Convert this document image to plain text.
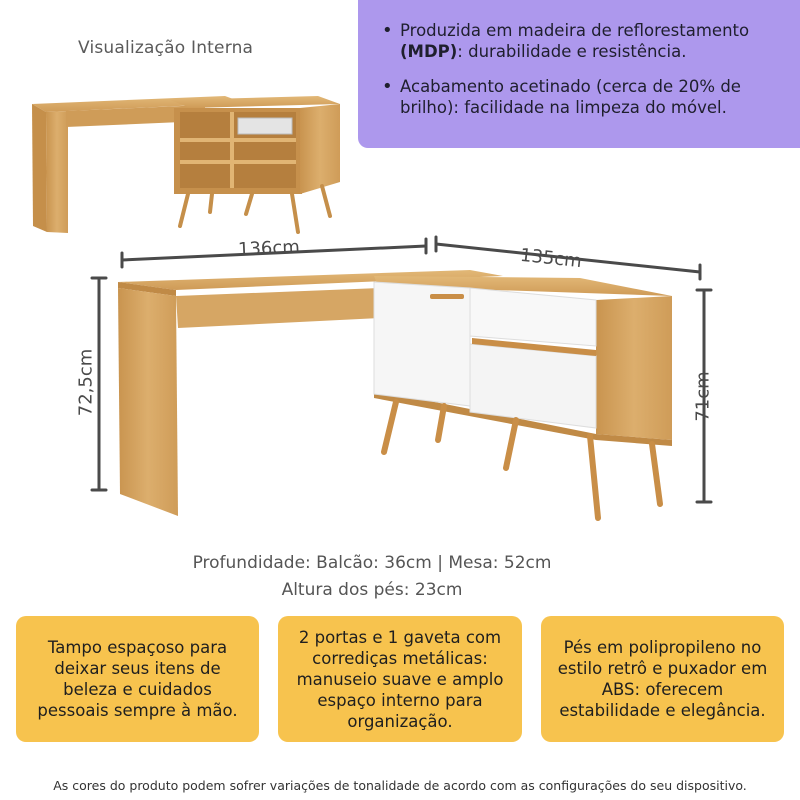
Visualização Interna
• Produzida em madeira de reflorestamento (MDP): durabilidade e resistência.
• Acabamento acetinado (cerca de 20% de brilho): facilidade na limpeza do móvel.
136cm	135cm
72,5cm	71cm
Profundidade: Balcão: 36cm | Mesa: 52cm
Altura dos pés: 23cm
Tampo espaçoso para deixar seus itens de beleza e cuidados pessoais sempre à mão.
2 portas e 1 gaveta com corrediças metálicas: manuseio suave e amplo espaço interno para organização.
Pés em polipropileno no estilo retrô e puxador em ABS: oferecem estabilidade e elegância.
As cores do produto podem sofrer variações de tonalidade de acordo com as configurações do seu dispositivo.
